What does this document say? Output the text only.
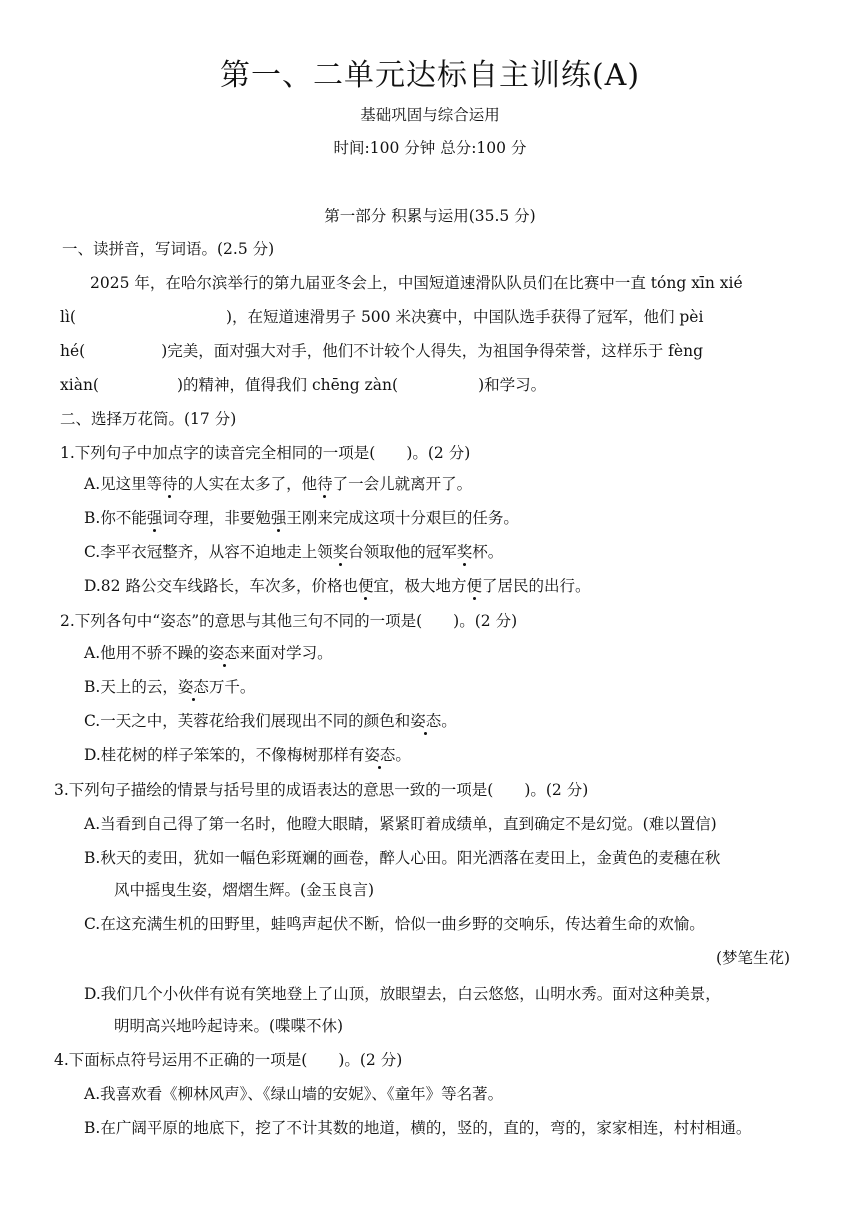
第一、二单元达标自主训练(A)
基础巩固与综合运用
时间:100 分钟 总分:100 分
第一部分 积累与运用(35.5 分)
一、读拼音，写词语。(2.5 分)
2025 年，在哈尔滨举行的第九届亚冬会上，中国短道速滑队队员们在比赛中一直 tóng xīn xié
lì(	)，在短道速滑男子 500 米决赛中，中国队选手获得了冠军，他们 pèi
hé(	)完美，面对强大对手，他们不计较个人得失，为祖国争得荣誉，这样乐于 fèng
xiàn(	)的精神，值得我们 chēng zàn(	)和学习。
二、选择万花筒。(17 分)
1.下列句子中加点字的读音完全相同的一项是(　　)。(2 分)
A.见这里等待的人实在太多了，他待了一会儿就离开了。
B.你不能强词夺理，非要勉强王刚来完成这项十分艰巨的任务。
C.李平衣冠整齐，从容不迫地走上领奖台领取他的冠军奖杯。
D.82 路公交车线路长，车次多，价格也便宜，极大地方便了居民的出行。
2.下列各句中“姿态”的意思与其他三句不同的一项是(　　)。(2 分)
A.他用不骄不躁的姿态来面对学习。
B.天上的云，姿态万千。
C.一天之中，芙蓉花给我们展现出不同的颜色和姿态。
D.桂花树的样子笨笨的，不像梅树那样有姿态。
3.下列句子描绘的情景与括号里的成语表达的意思一致的一项是(　　)。(2 分)
A.当看到自己得了第一名时，他瞪大眼睛，紧紧盯着成绩单，直到确定不是幻觉。(难以置信)
B.秋天的麦田，犹如一幅色彩斑斓的画卷，醉人心田。阳光洒落在麦田上，金黄色的麦穗在秋
风中摇曳生姿，熠熠生辉。(金玉良言)
C.在这充满生机的田野里，蛙鸣声起伏不断，恰似一曲乡野的交响乐，传达着生命的欢愉。
(梦笔生花)
D.我们几个小伙伴有说有笑地登上了山顶，放眼望去，白云悠悠，山明水秀。面对这种美景，
明明高兴地吟起诗来。(喋喋不休)
4.下面标点符号运用不正确的一项是(　　)。(2 分)
A.我喜欢看《柳林风声》、《绿山墙的安妮》、《童年》等名著。
B.在广阔平原的地底下，挖了不计其数的地道，横的，竖的，直的，弯的，家家相连，村村相通。
